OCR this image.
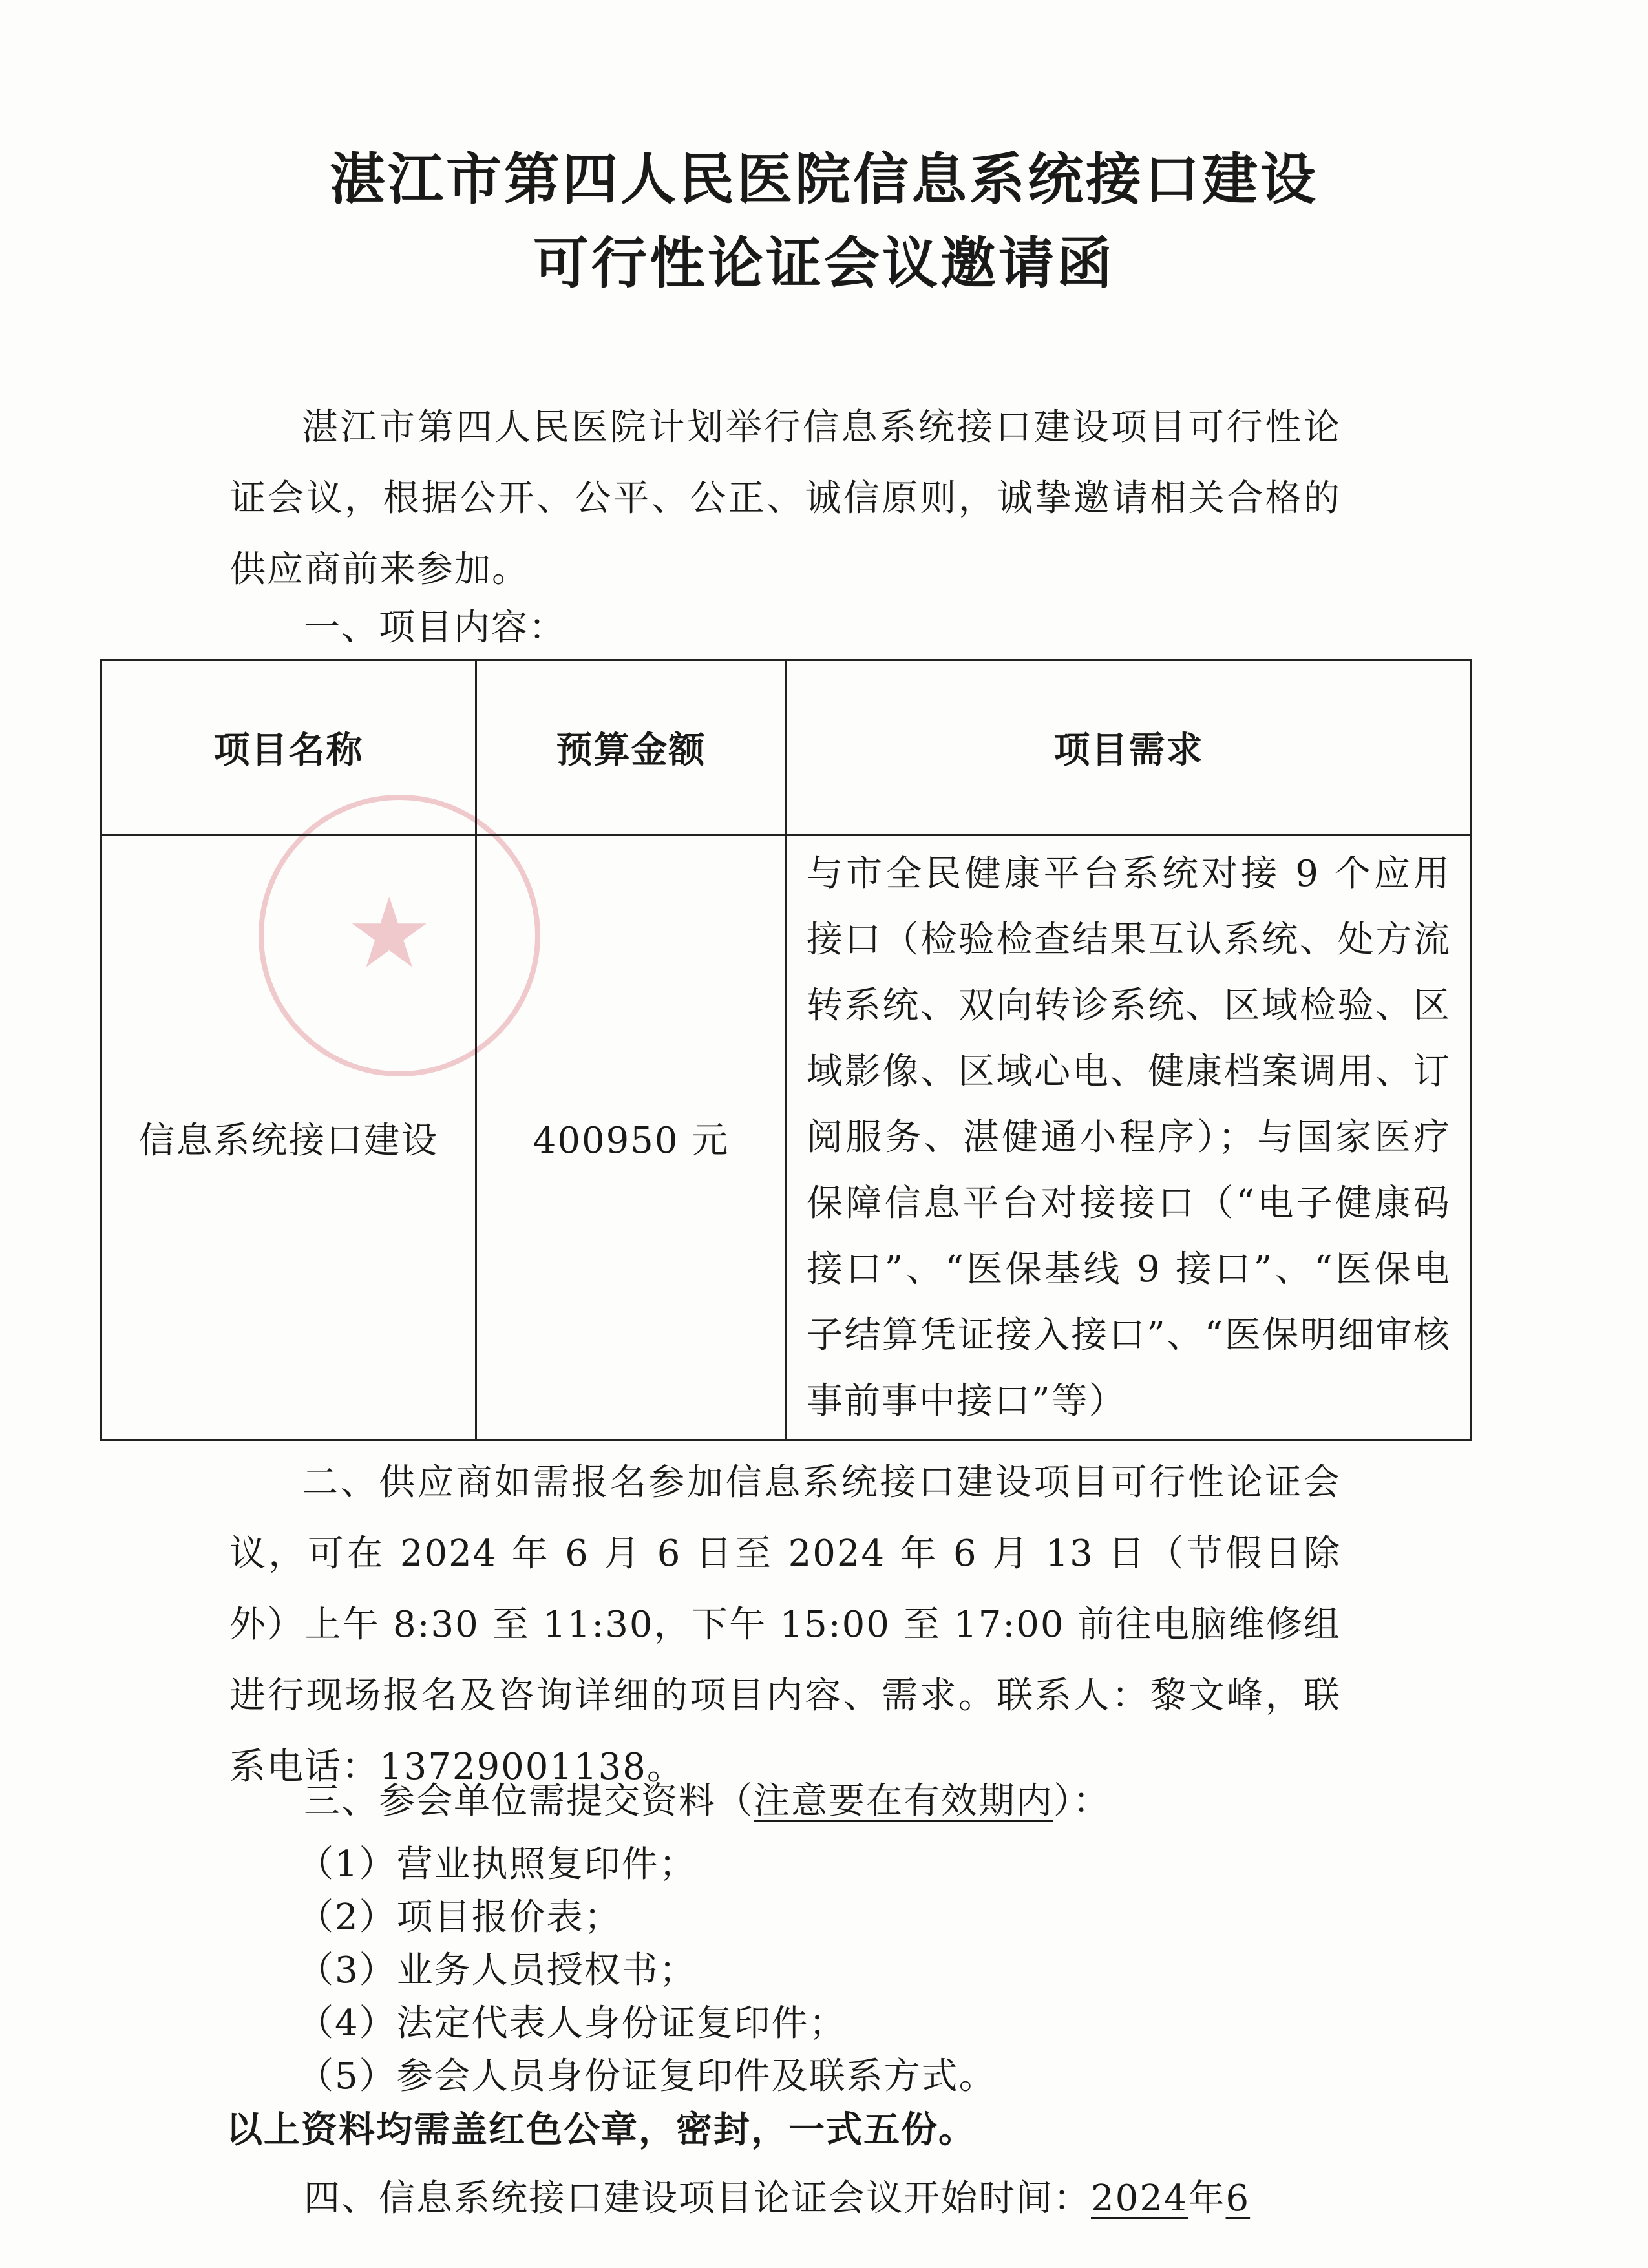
★
湛江市第四人民医院信息系统接口建设
可行性论证会议邀请函
湛江市第四人民医院计划举行信息系统接口建设项目可行性论证会议，根据公开、公平、公正、诚信原则，诚挚邀请相关合格的供应商前来参加。
一、项目内容：
项目名称	预算金额	项目需求
信息系统接口建设	400950 元	与市全民健康平台系统对接 9 个应用接口（检验检查结果互认系统、处方流转系统、双向转诊系统、区域检验、区域影像、区域心电、健康档案调用、订阅服务、湛健通小程序）；与国家医疗保障信息平台对接接口（“电子健康码接口”、“医保基线 9 接口”、“医保电子结算凭证接入接口”、“医保明细审核事前事中接口”等）
二、供应商如需报名参加信息系统接口建设项目可行性论证会议，可在 2024 年 6 月 6 日至 2024 年 6 月 13 日（节假日除外）上午 8:30 至 11:30，下午 15:00 至 17:00 前往电脑维修组进行现场报名及咨询详细的项目内容、需求。联系人：黎文峰，联系电话：13729001138。
三、参会单位需提交资料（注意要在有效期内）：
（1）营业执照复印件；
（2）项目报价表；
（3）业务人员授权书；
（4）法定代表人身份证复印件；
（5）参会人员身份证复印件及联系方式。
以上资料均需盖红色公章，密封，一式五份。
四、信息系统接口建设项目论证会议开始时间：2024年6
